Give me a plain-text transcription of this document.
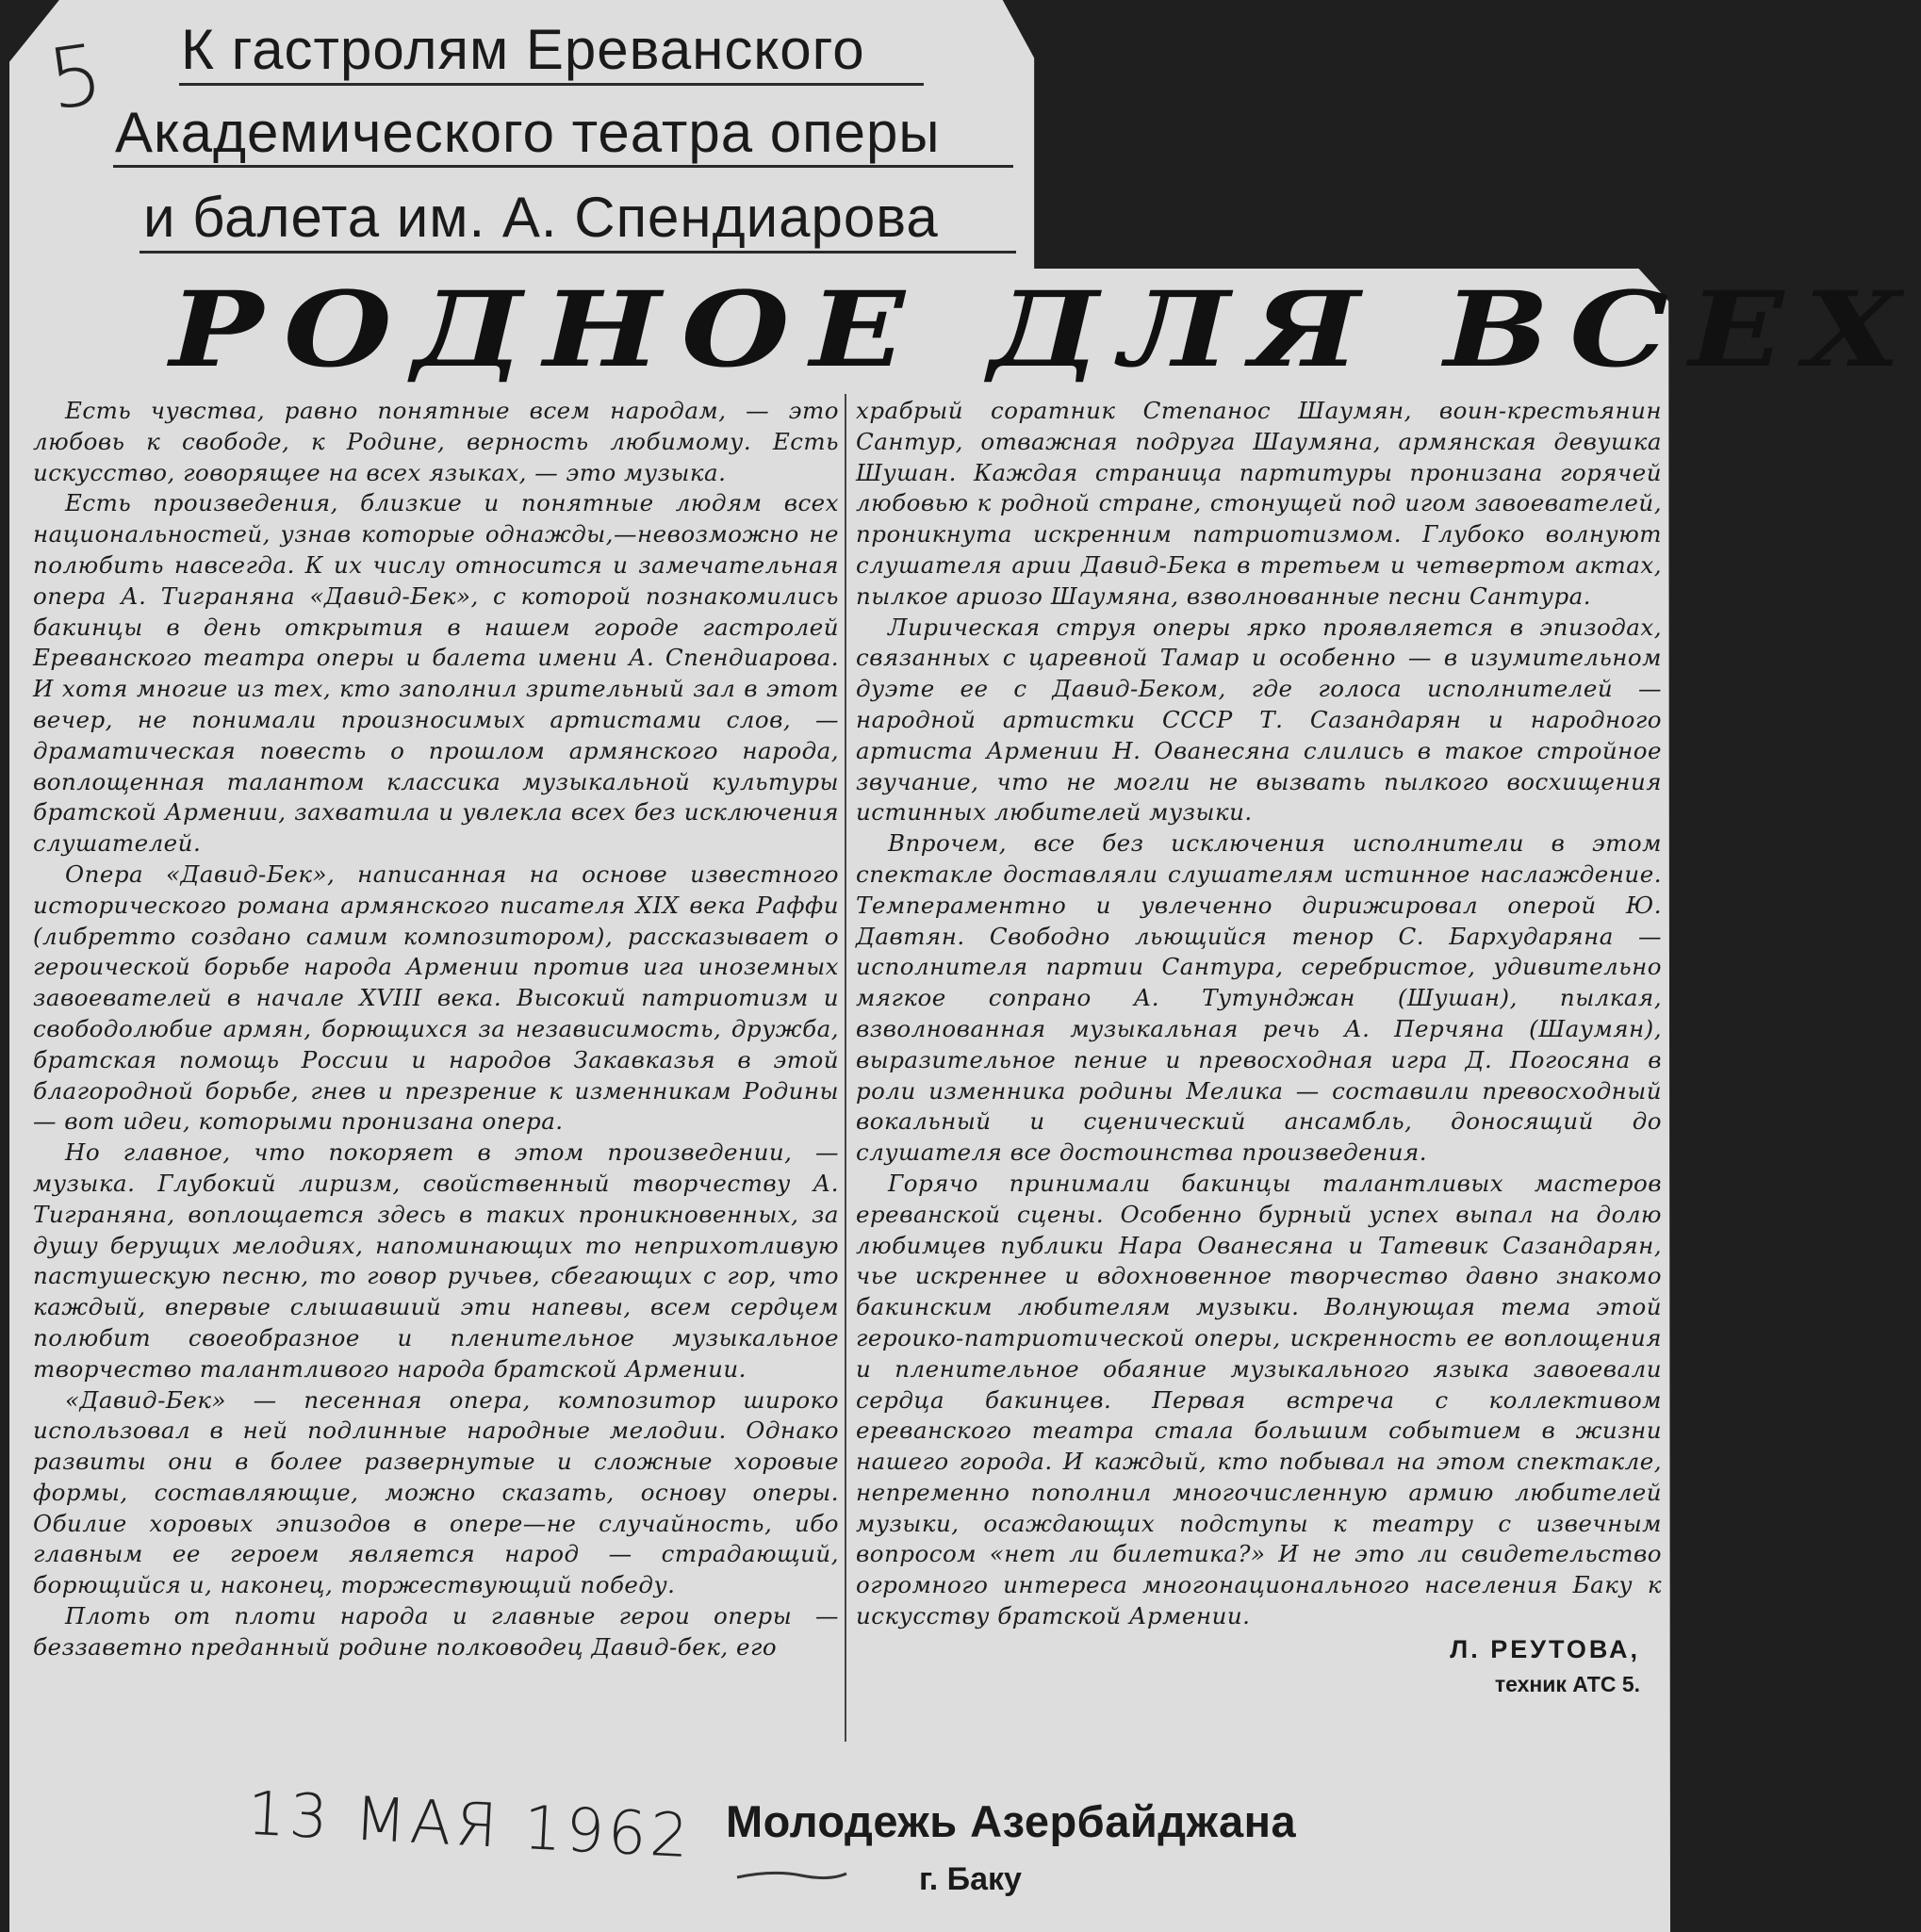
5 К гастролям Ереванского
Академического театра оперы
и балета им. А. Спендиарова
РОДНОЕ ДЛЯ ВСЕХ

Есть чувства, равно понятные всем народам, — это любовь к свободе, к Родине, верность любимому. Есть искусство, говорящее на всех языках, — это музыка.

Есть произведения, близкие и понятные людям всех национальностей, узнав которые однажды,—невозможно не полюбить навсегда. К их числу относится и замечательная опера А. Тиграняна «Давид-Бек», с которой познакомились бакинцы в день открытия в нашем городе гастролей Ереванского театра оперы и балета имени А. Спендиарова. И хотя многие из тех, кто заполнил зрительный зал в этот вечер, не понимали произносимых артистами слов, — драматическая повесть о прошлом армянского народа, воплощенная талантом классика музыкальной культуры братской Армении, захватила и увлекла всех без исключения слушателей.

Опера «Давид-Бек», написанная на основе известного исторического романа армянского писателя XIX века Раффи (либретто создано самим композитором), рассказывает о героической борьбе народа Армении против ига иноземных завоевателей в начале XVIII века. Высокий патриотизм и свободолюбие армян, борющихся за независимость, дружба, братская помощь России и народов Закавказья в этой благородной борьбе, гнев и презрение к изменникам Родины — вот идеи, которыми пронизана опера.

Но главное, что покоряет в этом произведении, — музыка. Глубокий лиризм, свойственный творчеству А. Тиграняна, воплощается здесь в таких проникновенных, за душу берущих мелодиях, напоминающих то неприхотливую пастушескую песню, то говор ручьев, сбегающих с гор, что каждый, впервые слышавший эти напевы, всем сердцем полюбит своеобразное и пленительное музыкальное творчество талантливого народа братской Армении.

«Давид-Бек» — песенная опера, композитор широко использовал в ней подлинные народные мелодии. Однако развиты они в более развернутые и сложные хоровые формы, составляющие, можно сказать, основу оперы. Обилие хоровых эпизодов в опере—не случайность, ибо главным ее героем является народ — страдающий, борющийся и, наконец, торжествующий победу.

Плоть от плоти народа и главные герои оперы — беззаветно преданный родине полководец Давид-бек, его

храбрый соратник Степанос Шаумян, воин-крестьянин Сантур, отважная подруга Шаумяна, армянская девушка Шушан. Каждая страница партитуры пронизана горячей любовью к родной стране, стонущей под игом завоевателей, проникнута искренним патриотизмом. Глубоко волнуют слушателя арии Давид-Бека в третьем и четвертом актах, пылкое ариозо Шаумяна, взволнованные песни Сантура.

Лирическая струя оперы ярко проявляется в эпизодах, связанных с царевной Тамар и особенно — в изумительном дуэте ее с Давид-Беком, где голоса исполнителей — народной артистки СССР Т. Сазандарян и народного артиста Армении Н. Ованесяна слились в такое стройное звучание, что не могли не вызвать пылкого восхищения истинных любителей музыки.

Впрочем, все без исключения исполнители в этом спектакле доставляли слушателям истинное наслаждение. Темпераментно и увлеченно дирижировал оперой Ю. Давтян. Свободно льющийся тенор С. Бархударяна — исполнителя партии Сантура, серебристое, удивительно мягкое сопрано А. Тутунджан (Шушан), пылкая, взволнованная музыкальная речь А. Перчяна (Шаумян), выразительное пение и превосходная игра Д. Погосяна в роли изменника родины Мелика — составили превосходный вокальный и сценический ансамбль, доносящий до слушателя все достоинства произведения.

Горячо принимали бакинцы талантливых мастеров ереванской сцены. Особенно бурный успех выпал на долю любимцев публики Нара Ованесяна и Татевик Сазандарян, чье искреннее и вдохновенное творчество давно знакомо бакинским любителям музыки. Волнующая тема этой героико-патриотической оперы, искренность ее воплощения и пленительное обаяние музыкального языка завоевали сердца бакинцев. Первая встреча с коллективом ереванского театра стала большим событием в жизни нашего города. И каждый, кто побывал на этом спектакле, непременно пополнил многочисленную армию любителей музыки, осаждающих подступы к театру с извечным вопросом «нет ли билетика?» И не это ли свидетельство огромного интереса многонационального населения Баку к искусству братской Армении.

Л. РЕУТОВА,
техник АТС 5.
13 МАЯ 1962 Молодежь Азербайджана
г. Баку
